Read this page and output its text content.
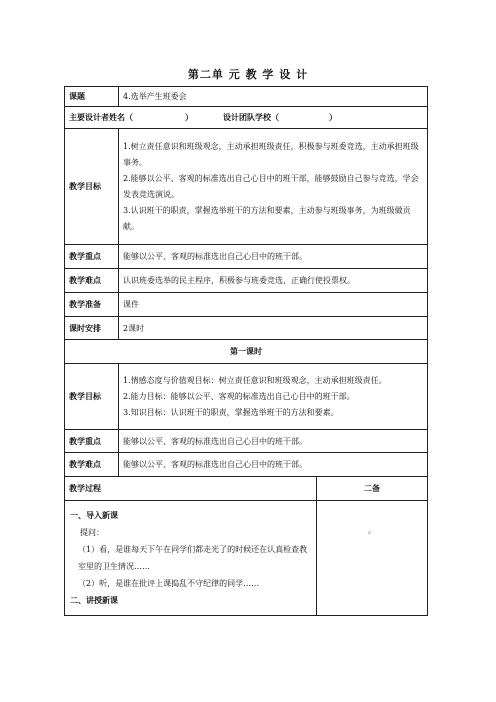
第二单 元 教 学 设 计
课题	4.选举产生班委会	
主要设计者姓名（ ） 设计团队学校（ ）		
教学目标	1.树立责任意识和班级观念，主动承担班级责任，积极参与班委竞选，主动承担班级事务。
2.能够以公平、客观的标准选出自己心目中的班干部，能够鼓励自己参与竞选，学会发表竞选演说。
3.认识班干的职责，掌握选举班干的方法和要素，主动参与班级事务，为班级做贡献。	

教学重点	能够以公平、客观的标准选出自己心目中的班干部。	
教学难点	认识班委选举的民主程序，积极参与班委竞选，正确行使投票权。	
教学准备	课件	
课时安排	2课时	
第一课时		
教学目标	1.情感态度与价值观目标：树立责任意识和班级观念，主动承担班级责任。
2.能力目标：能够以公平、客观的标准选出自己心目中的班干部。
3.知识目标：认识班干的职责，掌握选举班干的方法和要素。	

教学重点	能够以公平、客观的标准选出自己心目中的班干部。	
教学难点	能够以公平、客观的标准选出自己心目中的班干部。	
教学过程		二备

一、导入新课
提问：
（1）看，是谁每天下午在同学们都走光了的时候还在认真检查教室里的卫生情况……
（2）听，是谁在批评上课捣乱不守纪律的同学……
二、讲授新课		。
